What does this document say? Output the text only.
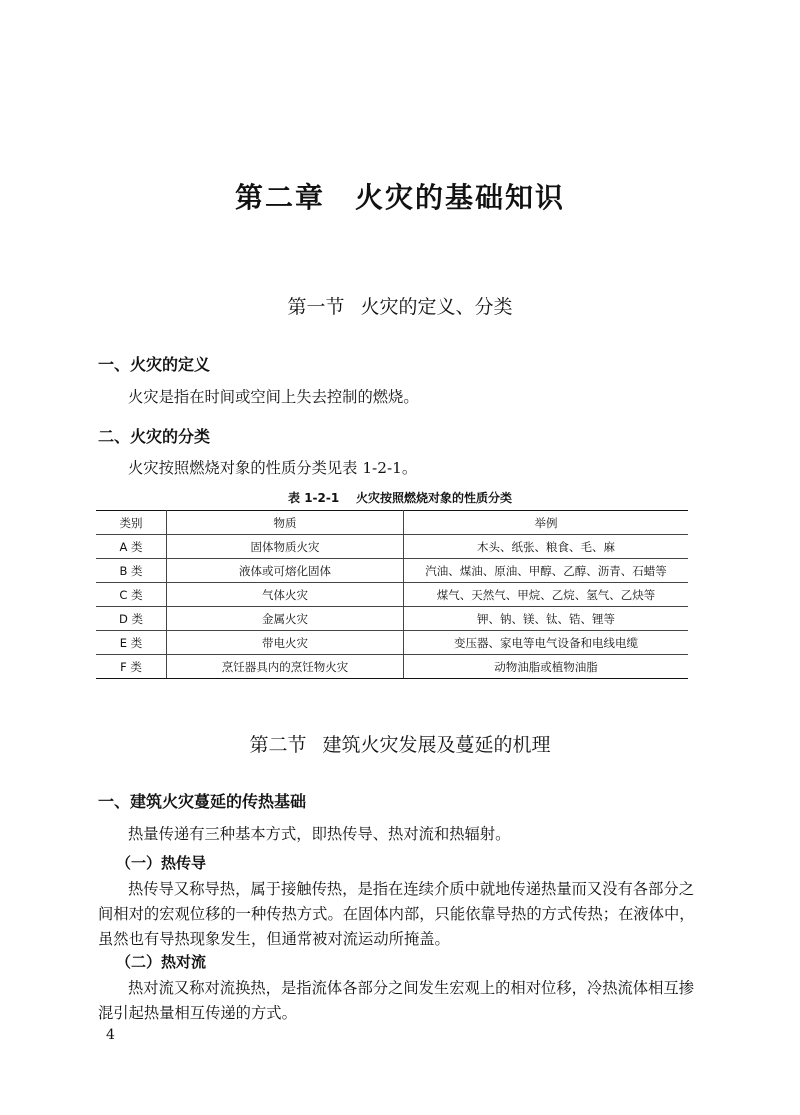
第二章　火灾的基础知识
第一节 火灾的定义、分类
一、火灾的定义
火灾是指在时间或空间上失去控制的燃烧。
二、火灾的分类
火灾按照燃烧对象的性质分类见表 1-2-1。
表 1-2-1 火灾按照燃烧对象的性质分类
类别	物质	举例
A 类	固体物质火灾	木头、纸张、粮食、毛、麻
B 类	液体或可熔化固体	汽油、煤油、原油、甲醇、乙醇、沥青、石蜡等
C 类	气体火灾	煤气、天然气、甲烷、乙烷、氢气、乙炔等
D 类	金属火灾	钾、钠、镁、钛、锆、锂等
E 类	带电火灾	变压器、家电等电气设备和电线电缆
F 类	烹饪器具内的烹饪物火灾	动物油脂或植物油脂
第二节 建筑火灾发展及蔓延的机理
一、建筑火灾蔓延的传热基础
热量传递有三种基本方式，即热传导、热对流和热辐射。
（一）热传导
热传导又称导热，属于接触传热，是指在连续介质中就地传递热量而又没有各部分之间相对的宏观位移的一种传热方式。在固体内部，只能依靠导热的方式传热；在液体中，虽然也有导热现象发生，但通常被对流运动所掩盖。
（二）热对流
热对流又称对流换热，是指流体各部分之间发生宏观上的相对位移，冷热流体相互掺混引起热量相互传递的方式。
4
